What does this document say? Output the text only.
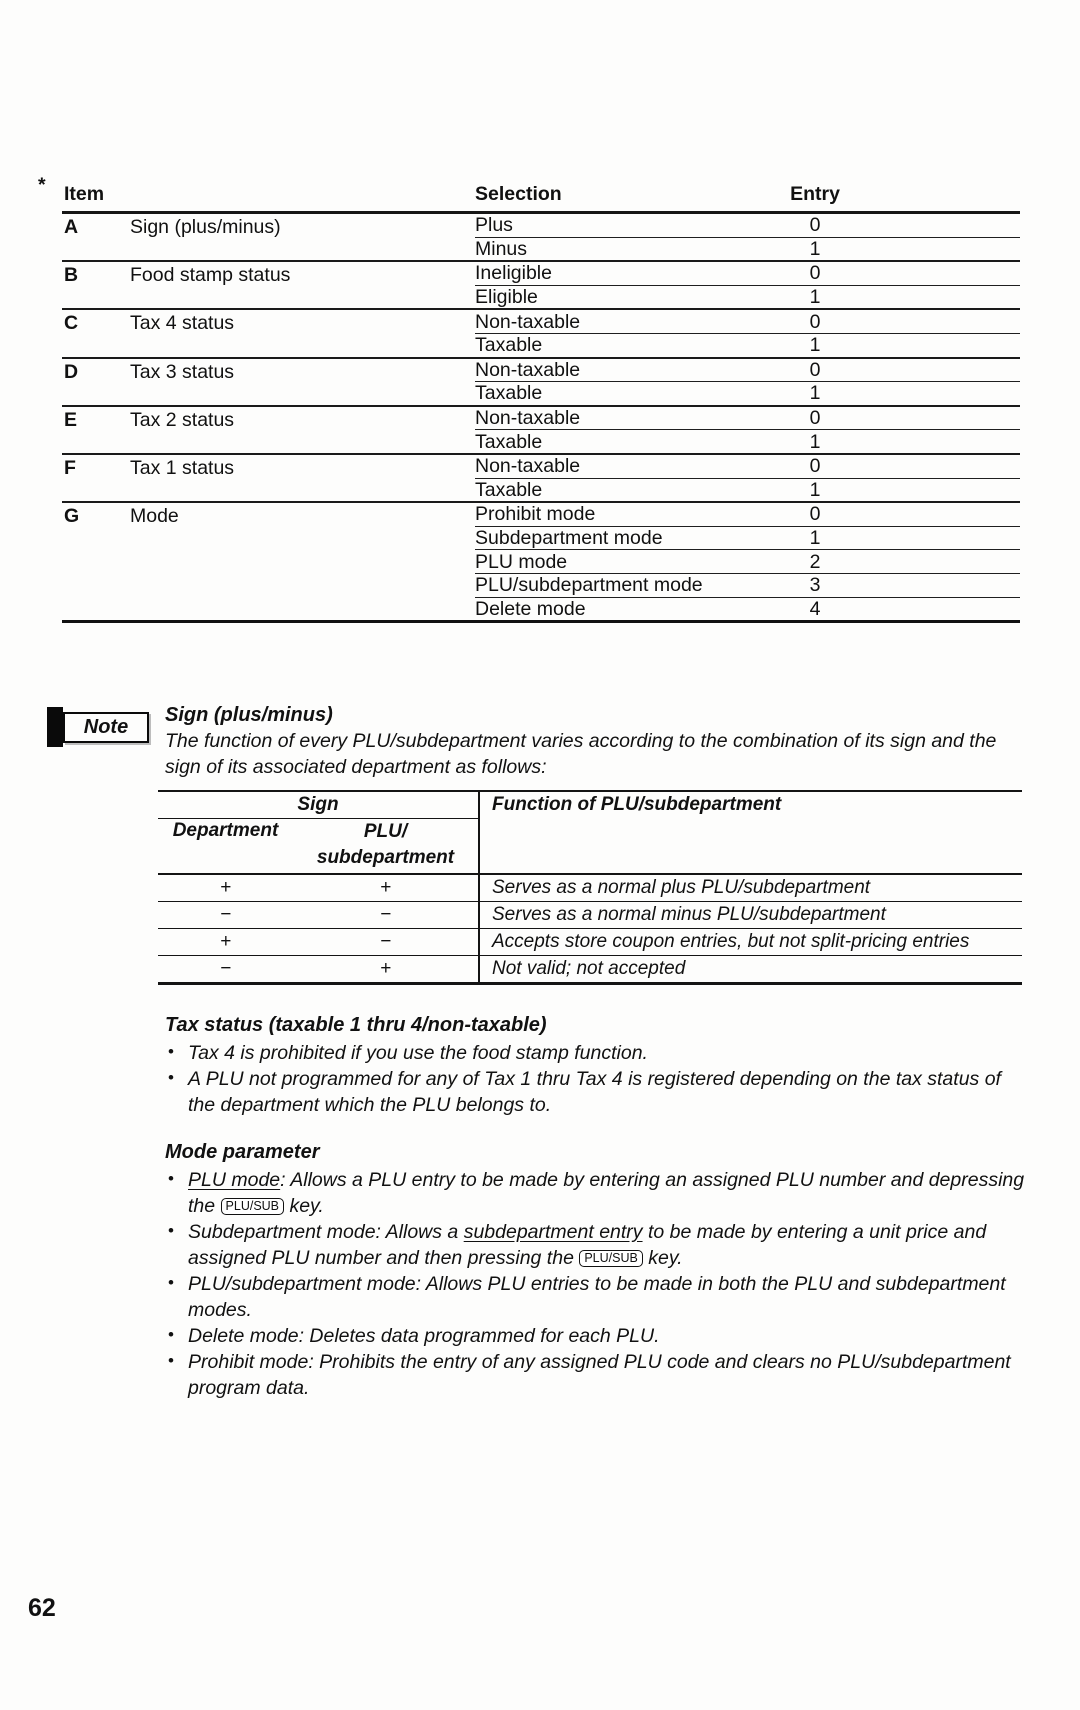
* Item	Selection	Entry
A	Sign (plus/minus)	Plus	0
Minus	1
B	Food stamp status	Ineligible	0
Eligible	1
C	Tax 4 status	Non-taxable	0
Taxable	1
D	Tax 3 status	Non-taxable	0
Taxable	1
E	Tax 2 status	Non-taxable	0
Taxable	1
F	Tax 1 status	Non-taxable	0
Taxable	1
G	Mode	Prohibit mode	0
Subdepartment mode	1
PLU mode	2
PLU/subdepartment mode	3
Delete mode	4
Note
Sign (plus/minus)
The function of every PLU/subdepartment varies according to the combination of its sign and the
sign of its associated department as follows:
Sign
Department	PLU/
subdepartment
Function of PLU/subdepartment
+	+	Serves as a normal plus PLU/subdepartment
−	−	Serves as a normal minus PLU/subdepartment
+	−	Accepts store coupon entries, but not split-pricing entries
−	+	Not valid; not accepted
Tax status (taxable 1 thru 4/non-taxable)
• Tax 4 is prohibited if you use the food stamp function.
• A PLU not programmed for any of Tax 1 thru Tax 4 is registered depending on the tax status of
the department which the PLU belongs to.
Mode parameter
• PLU mode: Allows a PLU entry to be made by entering an assigned PLU number and depressing
the PLU/SUB key.
• Subdepartment mode: Allows a subdepartment entry to be made by entering a unit price and
assigned PLU number and then pressing the PLU/SUB key.
• PLU/subdepartment mode: Allows PLU entries to be made in both the PLU and subdepartment
modes.
• Delete mode: Deletes data programmed for each PLU.
• Prohibit mode: Prohibits the entry of any assigned PLU code and clears no PLU/subdepartment
program data.
62
